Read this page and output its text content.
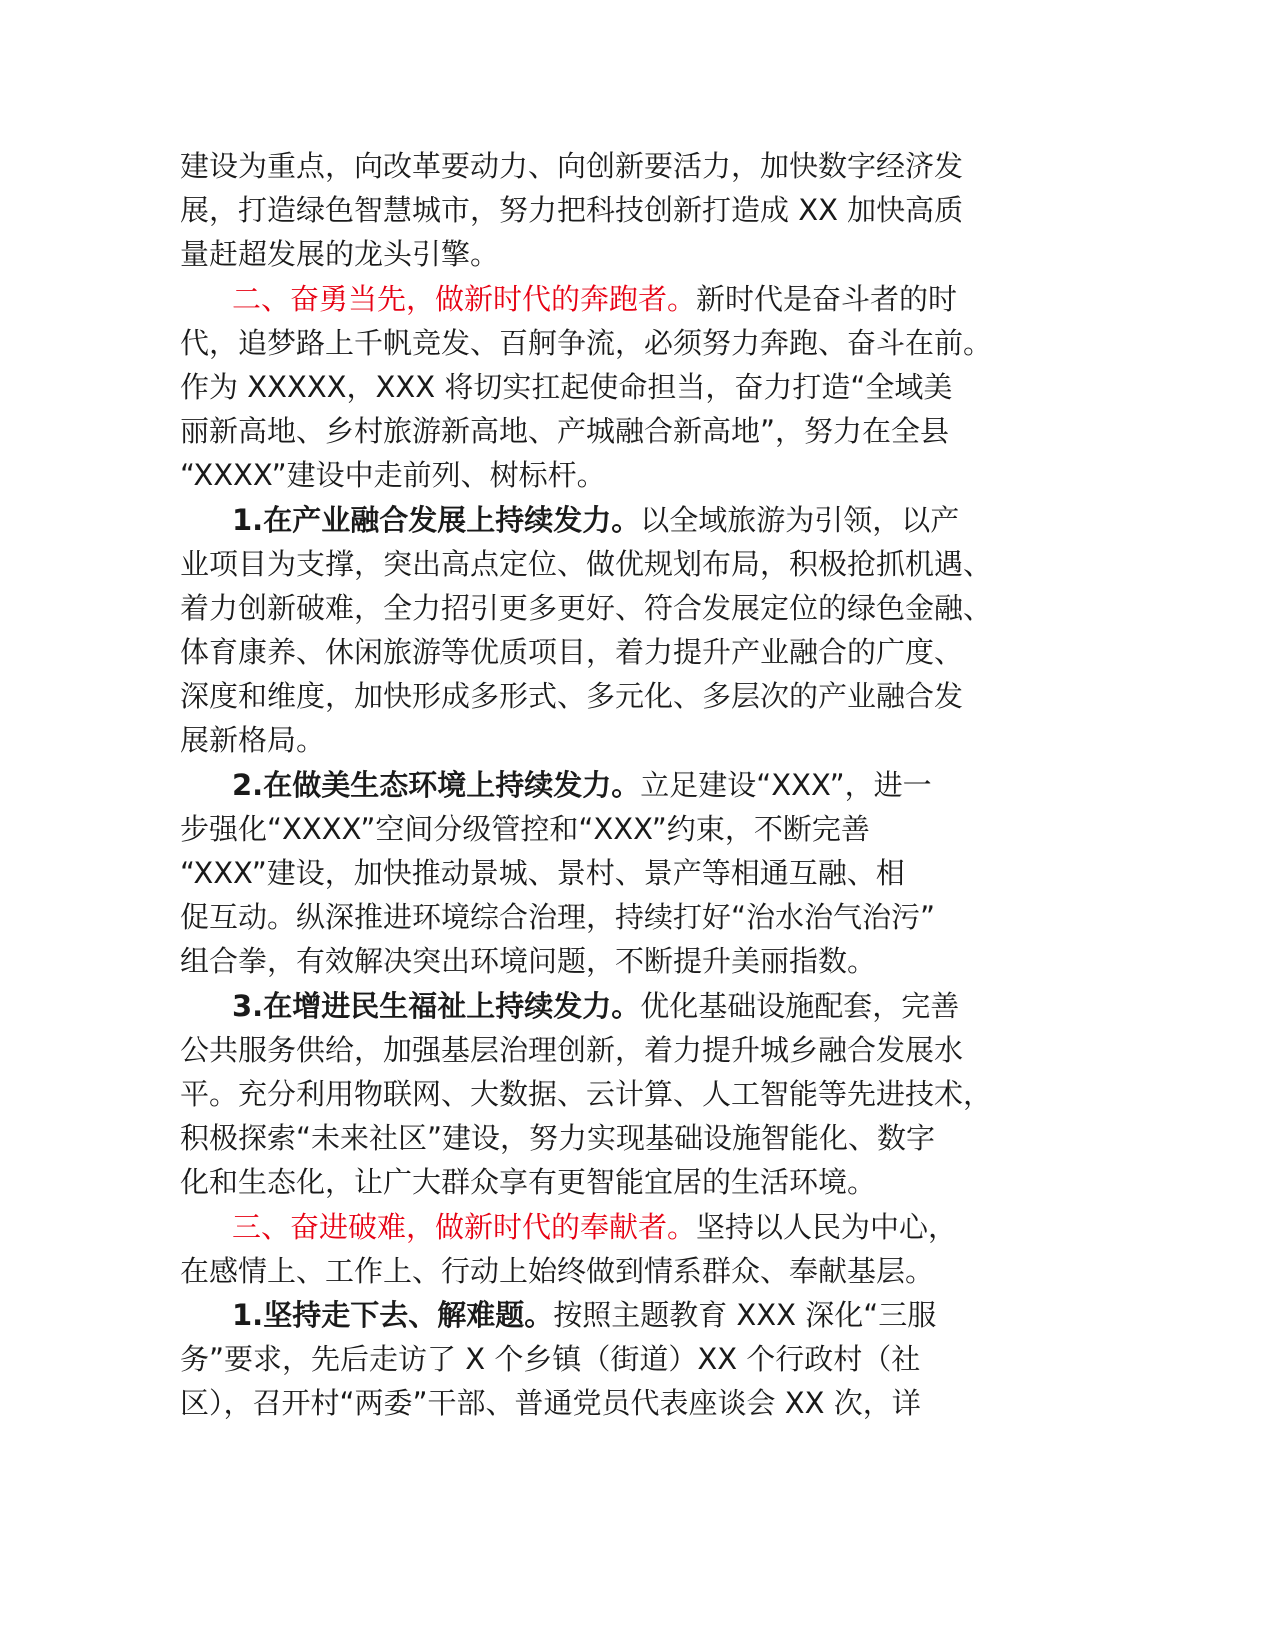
建设为重点，向改革要动力、向创新要活力，加快数字经济发
展，打造绿色智慧城市，努力把科技创新打造成 XX 加快高质
量赶超发展的龙头引擎。
二、奋勇当先，做新时代的奔跑者。新时代是奋斗者的时
代，追梦路上千帆竞发、百舸争流，必须努力奔跑、奋斗在前。
作为 XXXXX，XXX 将切实扛起使命担当，奋力打造“全域美
丽新高地、乡村旅游新高地、产城融合新高地”，努力在全县
“XXXX”建设中走前列、树标杆。
1.在产业融合发展上持续发力。以全域旅游为引领，以产
业项目为支撑，突出高点定位、做优规划布局，积极抢抓机遇、
着力创新破难，全力招引更多更好、符合发展定位的绿色金融、
体育康养、休闲旅游等优质项目，着力提升产业融合的广度、
深度和维度，加快形成多形式、多元化、多层次的产业融合发
展新格局。
2.在做美生态环境上持续发力。立足建设“XXX”，进一
步强化“XXXX”空间分级管控和“XXX”约束，不断完善
“XXX”建设，加快推动景城、景村、景产等相通互融、相
促互动。纵深推进环境综合治理，持续打好“治水治气治污”
组合拳，有效解决突出环境问题，不断提升美丽指数。
3.在增进民生福祉上持续发力。优化基础设施配套，完善
公共服务供给，加强基层治理创新，着力提升城乡融合发展水
平。充分利用物联网、大数据、云计算、人工智能等先进技术，
积极探索“未来社区”建设，努力实现基础设施智能化、数字
化和生态化，让广大群众享有更智能宜居的生活环境。
三、奋进破难，做新时代的奉献者。坚持以人民为中心，
在感情上、工作上、行动上始终做到情系群众、奉献基层。
1.坚持走下去、解难题。按照主题教育 XXX 深化“三服
务”要求，先后走访了 X 个乡镇（街道）XX 个行政村（社
区），召开村“两委”干部、普通党员代表座谈会 XX 次，详
